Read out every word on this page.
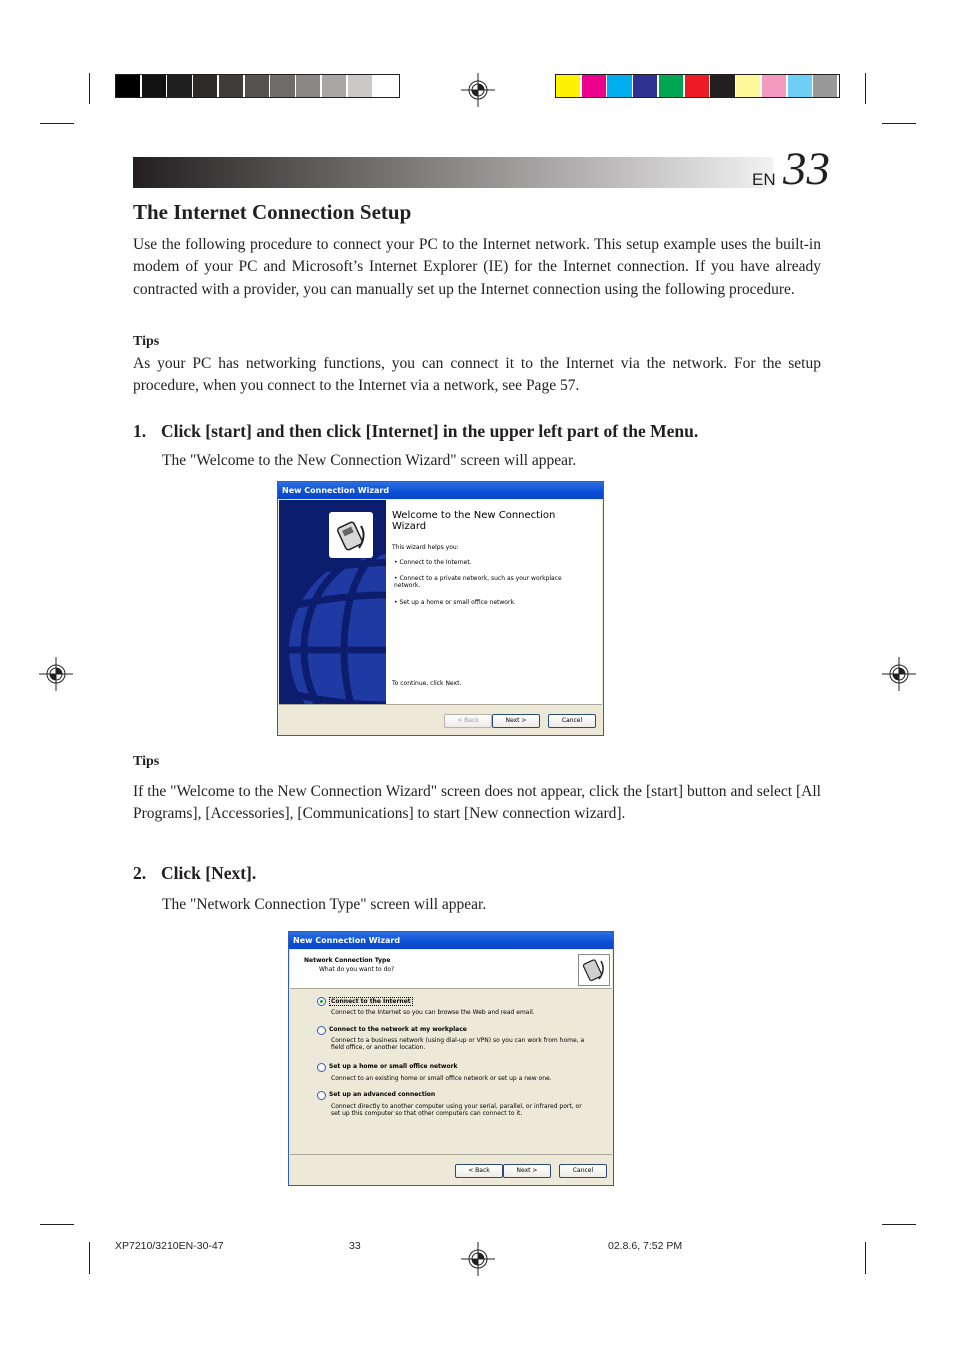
EN 33
The Internet Connection Setup
Use the following procedure to connect your PC to the Internet network. This setup example uses the built-in modem of your PC and Microsoft’s Internet Explorer (IE) for the Internet connection. If you have already contracted with a provider, you can manually set up the Internet connection using the following procedure.
Tips
As your PC has networking functions, you can connect it to the Internet via the network. For the setup procedure, when you connect to the Internet via a network, see Page 57.
1. Click [start] and then click [Internet] in the upper left part of the Menu.
The "Welcome to the New Connection Wizard" screen will appear.
New Connection Wizard
Welcome to the New Connection Wizard
This wizard helps you:
• Connect to the Internet.
• Connect to a private network, such as your workplace network.
• Set up a home or small office network.
To continue, click Next.
< Back	Next >	Cancel
Tips
If the "Welcome to the New Connection Wizard" screen does not appear, click the [start] button and select [All Programs], [Accessories], [Communications] to start [New connection wizard].
2. Click [Next].
The "Network Connection Type" screen will appear.
New Connection Wizard
Network Connection Type
What do you want to do?
Connect to the Internet
Connect to the Internet so you can browse the Web and read email.
Connect to the network at my workplace
Connect to a business network (using dial-up or VPN) so you can work from home, a field office, or another location.
Set up a home or small office network
Connect to an existing home or small office network or set up a new one.
Set up an advanced connection
Connect directly to another computer using your serial, parallel, or infrared port, or set up this computer so that other computers can connect to it.
< Back	Next >	Cancel
XP7210/3210EN-30-47	33	02.8.6, 7:52 PM
